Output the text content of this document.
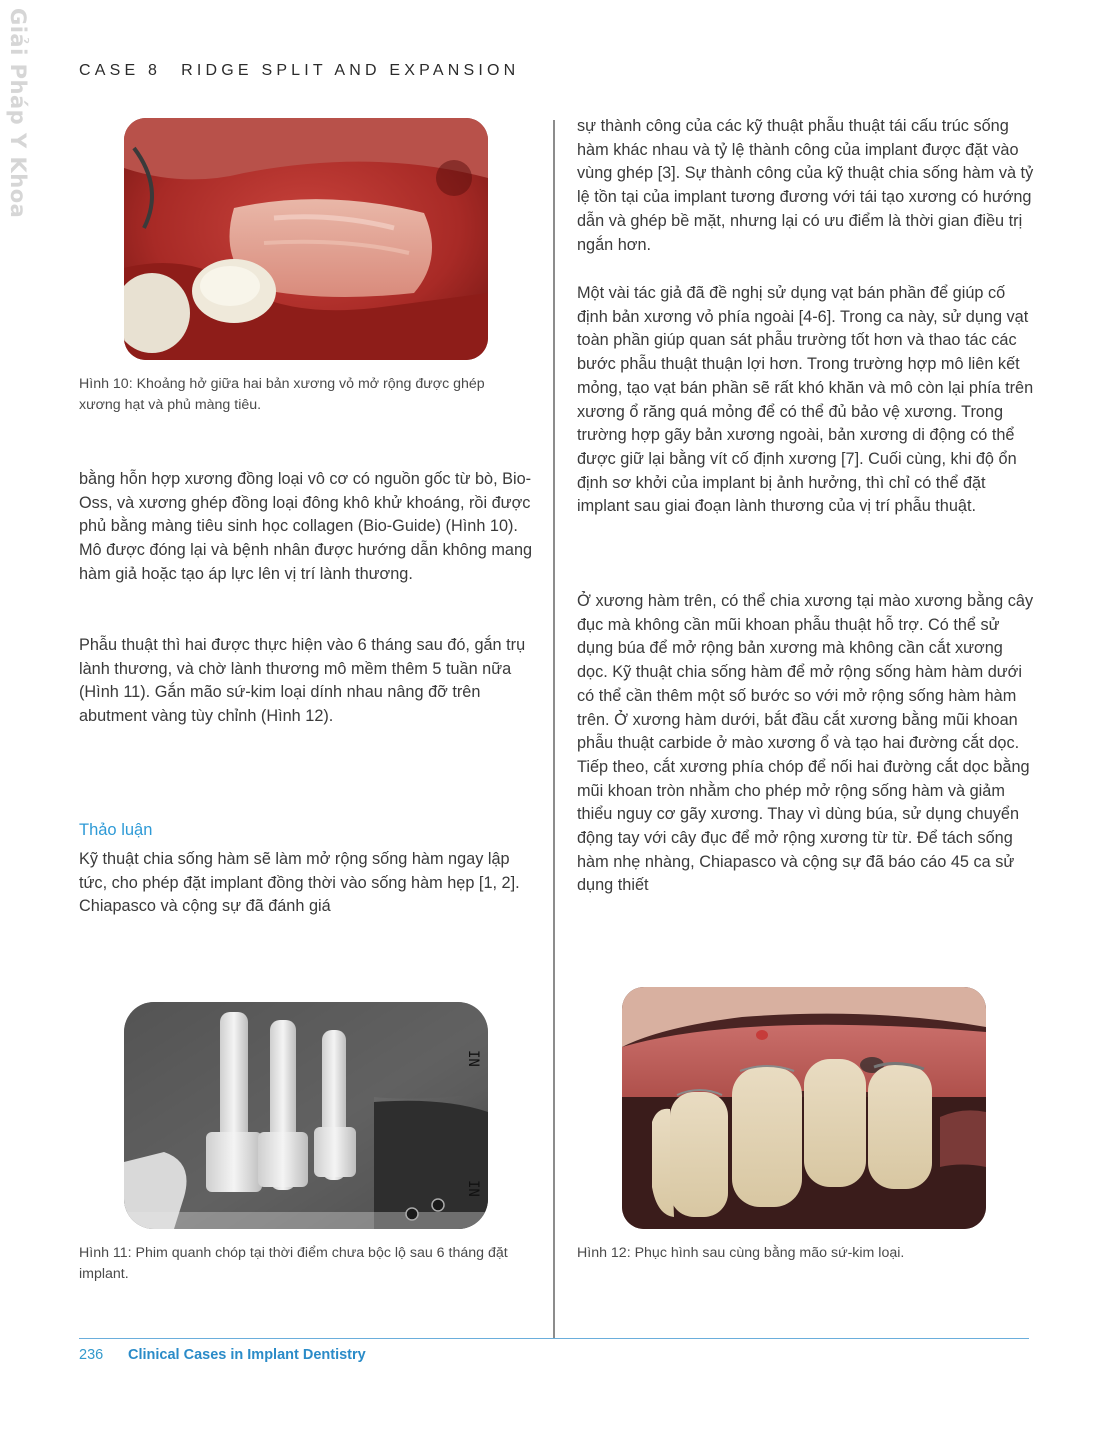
Giải Pháp Y Khoa	CASE 8 RIDGE SPLIT AND EXPANSION
Hình 10: Khoảng hở giữa hai bản xương vỏ mở rộng được ghép xương hạt và phủ màng tiêu.

bằng hỗn hợp xương đồng loại vô cơ có nguồn gốc từ bò, Bio-Oss, và xương ghép đồng loại đông khô khử khoáng, rồi được phủ bằng màng tiêu sinh học collagen (Bio-Guide) (Hình 10). Mô được đóng lại và bệnh nhân được hướng dẫn không mang hàm giả hoặc tạo áp lực lên vị trí lành thương.

Phẫu thuật thì hai được thực hiện vào 6 tháng sau đó, gắn trụ lành thương, và chờ lành thương mô mềm thêm 5 tuần nữa (Hình 11). Gắn mão sứ-kim loại dính nhau nâng đỡ trên abutment vàng tùy chỉnh (Hình 12).

Thảo luận

Kỹ thuật chia sống hàm sẽ làm mở rộng sống hàm ngay lập tức, cho phép đặt implant đồng thời vào sống hàm hẹp [1, 2]. Chiapasco và cộng sự đã đánh giá

sự thành công của các kỹ thuật phẫu thuật tái cấu trúc sống hàm khác nhau và tỷ lệ thành công của implant được đặt vào vùng ghép [3]. Sự thành công của kỹ thuật chia sống hàm và tỷ lệ tồn tại của implant tương đương với tái tạo xương có hướng dẫn và ghép bề mặt, nhưng lại có ưu điểm là thời gian điều trị ngắn hơn.

Một vài tác giả đã đề nghị sử dụng vạt bán phần để giúp cố định bản xương vỏ phía ngoài [4-6]. Trong ca này, sử dụng vạt toàn phần giúp quan sát phẫu trường tốt hơn và thao tác các bước phẫu thuật thuận lợi hơn. Trong trường hợp mô liên kết mỏng, tạo vạt bán phần sẽ rất khó khăn và mô còn lại phía trên xương ổ răng quá mỏng để có thể đủ bảo vệ xương. Trong trường hợp gãy bản xương ngoài, bản xương di động có thể được giữ lại bằng vít cố định xương [7]. Cuối cùng, khi độ ổn định sơ khởi của implant bị ảnh hưởng, thì chỉ có thể đặt implant sau giai đoạn lành thương của vị trí phẫu thuật.

Ở xương hàm trên, có thể chia xương tại mào xương bằng cây đục mà không cần mũi khoan phẫu thuật hỗ trợ. Có thể sử dụng búa để mở rộng bản xương mà không cần cắt xương dọc. Kỹ thuật chia sống hàm để mở rộng sống hàm hàm dưới có thể cần thêm một số bước so với mở rộng sống hàm hàm trên. Ở xương hàm dưới, bắt đầu cắt xương bằng mũi khoan phẫu thuật carbide ở mào xương ổ và tạo hai đường cắt dọc. Tiếp theo, cắt xương phía chóp để nối hai đường cắt dọc bằng mũi khoan tròn nhằm cho phép mở rộng sống hàm và giảm thiểu nguy cơ gãy xương. Thay vì dùng búa, sử dụng chuyển động tay với cây đục để mở rộng xương từ từ. Để tách sống hàm nhẹ nhàng, Chiapasco và cộng sự đã báo cáo 45 ca sử dụng thiết

IN
IN
Hình 11: Phim quanh chóp tại thời điểm chưa bộc lộ sau 6 tháng đặt implant.
Hình 12: Phục hình sau cùng bằng mão sứ-kim loại.
236 Clinical Cases in Implant Dentistry
